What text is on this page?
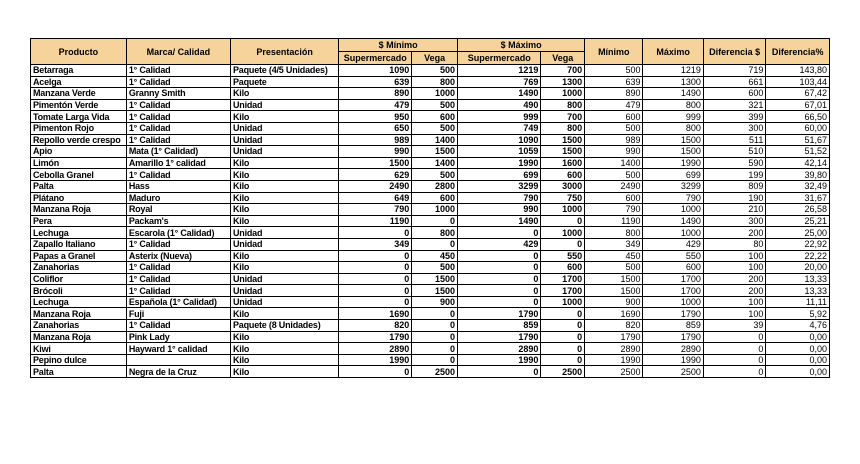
Producto	Marca/ Calidad	Presentación	$ Mínimo		$ Máximo		Mínimo	Máximo	Diferencia $	Diferencia%
			Supermercado	Vega	Supermercado	Vega				
Betarraga	1° Calidad	Paquete (4/5 Unidades)	1090	500	1219	700	500	1219	719	143,80
Acelga	1° Calidad	Paquete	639	800	769	1300	639	1300	661	103,44
Manzana Verde	Granny Smith	Kilo	890	1000	1490	1000	890	1490	600	67,42
Pimentón Verde	1° Calidad	Unidad	479	500	490	800	479	800	321	67,01
Tomate Larga Vida	1° Calidad	Kilo	950	600	999	700	600	999	399	66,50
Pimenton Rojo	1° Calidad	Unidad	650	500	749	800	500	800	300	60,00
Repollo verde crespo	1° Calidad	Unidad	989	1400	1090	1500	989	1500	511	51,67
Apio	Mata (1° Calidad)	Unidad	990	1500	1059	1500	990	1500	510	51,52
Limón	Amarillo 1° calidad	Kilo	1500	1400	1990	1600	1400	1990	590	42,14
Cebolla Granel	1° Calidad	Kilo	629	500	699	600	500	699	199	39,80
Palta	Hass	Kilo	2490	2800	3299	3000	2490	3299	809	32,49
Plátano	Maduro	Kilo	649	600	790	750	600	790	190	31,67
Manzana Roja	Royal	Kilo	790	1000	990	1000	790	1000	210	26,58
Pera	Packam's	Kilo	1190	0	1490	0	1190	1490	300	25,21
Lechuga	Escarola (1° Calidad)	Unidad	0	800	0	1000	800	1000	200	25,00
Zapallo Italiano	1° Calidad	Unidad	349	0	429	0	349	429	80	22,92
Papas a Granel	Asterix (Nueva)	Kilo	0	450	0	550	450	550	100	22,22
Zanahorias	1° Calidad	Kilo	0	500	0	600	500	600	100	20,00
Coliflor	1° Calidad	Unidad	0	1500	0	1700	1500	1700	200	13,33
Brócoli	1° Calidad	Unidad	0	1500	0	1700	1500	1700	200	13,33
Lechuga	Española (1° Calidad)	Unidad	0	900	0	1000	900	1000	100	11,11
Manzana Roja	Fuji	Kilo	1690	0	1790	0	1690	1790	100	5,92
Zanahorias	1° Calidad	Paquete (8 Unidades)	820	0	859	0	820	859	39	4,76
Manzana Roja	Pink Lady	Kilo	1790	0	1790	0	1790	1790	0	0,00
Kiwi	Hayward 1° calidad	Kilo	2890	0	2890	0	2890	2890	0	0,00
Pepino dulce		Kilo	1990	0	1990	0	1990	1990	0	0,00
Palta	Negra de la Cruz	Kilo	0	2500	0	2500	2500	2500	0	0,00
